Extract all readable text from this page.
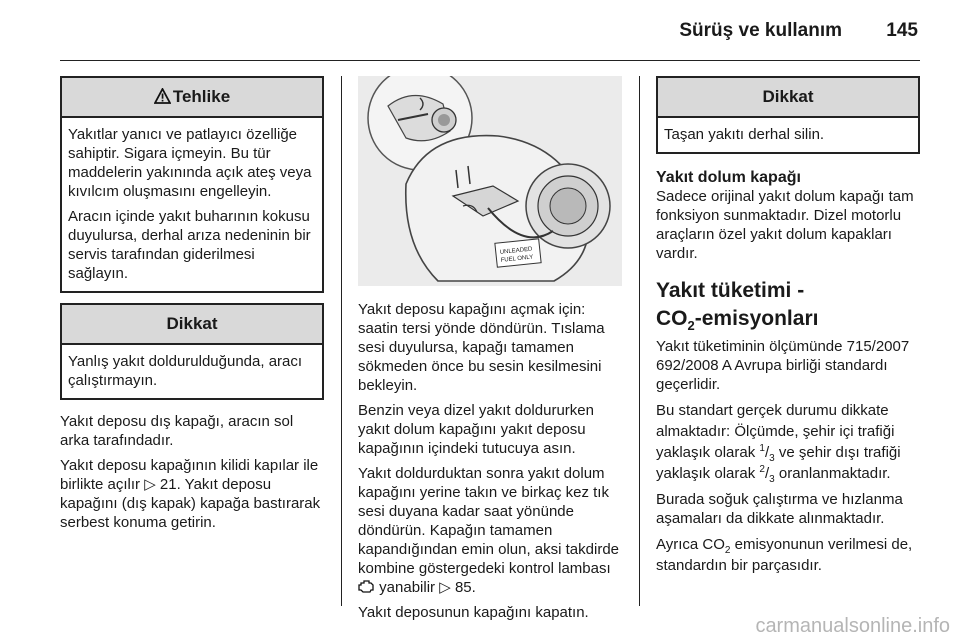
Sürüş ve kullanım 145
Tehlike

Yakıtlar yanıcı ve patlayıcı özelliğe sahiptir. Sigara içmeyin. Bu tür maddelerin yakınında açık ateş veya kıvılcım oluşmasını engelleyin.

Aracın içinde yakıt buharının kokusu duyulursa, derhal arıza nedeninin bir servis tarafından giderilmesi sağlayın.

Dikkat

Yanlış yakıt doldurulduğunda, aracı çalıştırmayın.

Yakıt deposu dış kapağı, aracın sol arka tarafındadır.

Yakıt deposu kapağının kilidi kapılar ile birlikte açılır ▷ 21. Yakıt deposu kapağını (dış kapak) kapağa bastırarak serbest konuma getirin.

UNLEADED
FUEL ONLY

Yakıt deposu kapağını açmak için: saatin tersi yönde döndürün. Tıslama sesi duyulursa, kapağı tamamen sökmeden önce bu sesin kesilmesini bekleyin.

Benzin veya dizel yakıt doldururken yakıt dolum kapağını yakıt deposu kapağının içindeki tutucuya asın.

Yakıt doldurduktan sonra yakıt dolum kapağını yerine takın ve birkaç kez tık sesi duyana kadar saat yönünde döndürün. Kapağın tamamen kapandığından emin olun, aksi takdirde kombine göstergedeki kontrol lambası  yanabilir ▷ 85.

Yakıt deposunun kapağını kapatın.

Dikkat

Taşan yakıtı derhal silin.

Yakıt dolum kapağı

Sadece orijinal yakıt dolum kapağı tam fonksiyon sunmaktadır. Dizel motorlu araçların özel yakıt dolum kapakları vardır.

Yakıt tüketimi -
$CO_2$-emisyonları

Yakıt tüketiminin ölçümünde 715/2007 692/2008 A Avrupa birliği standardı geçerlidir.

Bu standart gerçek durumu dikkate almaktadır: Ölçümde, şehir içi trafiği yaklaşık olarak $^1/_3$ ve şehir dışı trafiği yaklaşık olarak $^2/_3$ oranlanmaktadır.

Burada soğuk çalıştırma ve hızlanma aşamaları da dikkate alınmaktadır.

Ayrıca $CO_2$ emisyonunun verilmesi de, standardın bir parçasıdır.

carmanualsonline.info
